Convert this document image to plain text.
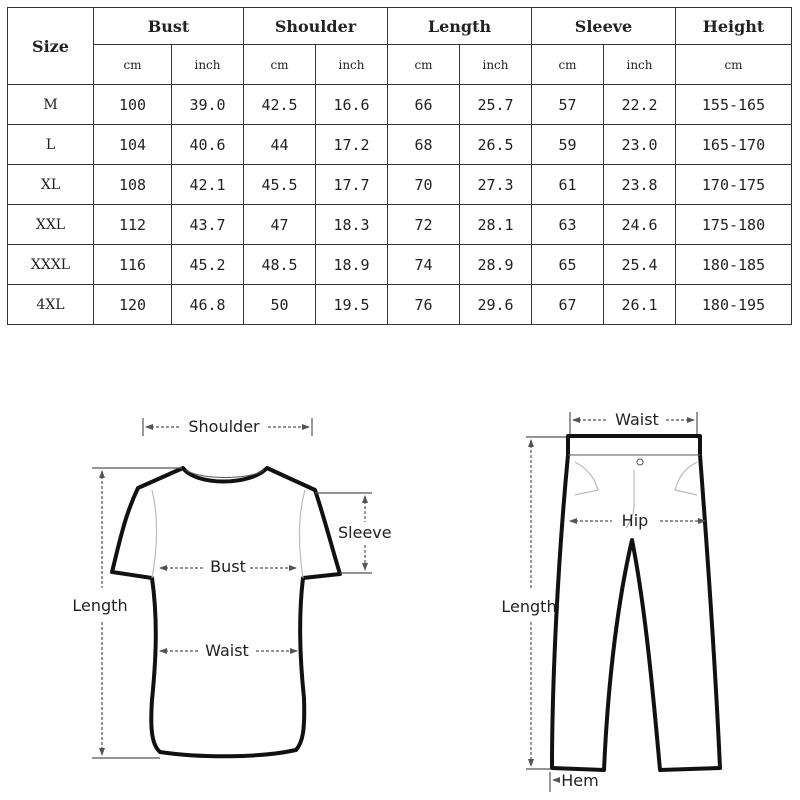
Size	Bust		Shoulder		Length		Sleeve		Height
	cm	inch	cm	inch	cm	inch	cm	inch	cm
M	100	39.0	42.5	16.6	66	25.7	57	22.2	155-165
L	104	40.6	44	17.2	68	26.5	59	23.0	165-170
XL	108	42.1	45.5	17.7	70	27.3	61	23.8	170-175
XXL	112	43.7	47	18.3	72	28.1	63	24.6	175-180
XXXL	116	45.2	48.5	18.9	74	28.9	65	25.4	180-185
4XL	120	46.8	50	19.5	76	29.6	67	26.1	180-195
Shoulder
Sleeve
Bust
Waist
Length
Waist
Hip
Length
Hem
